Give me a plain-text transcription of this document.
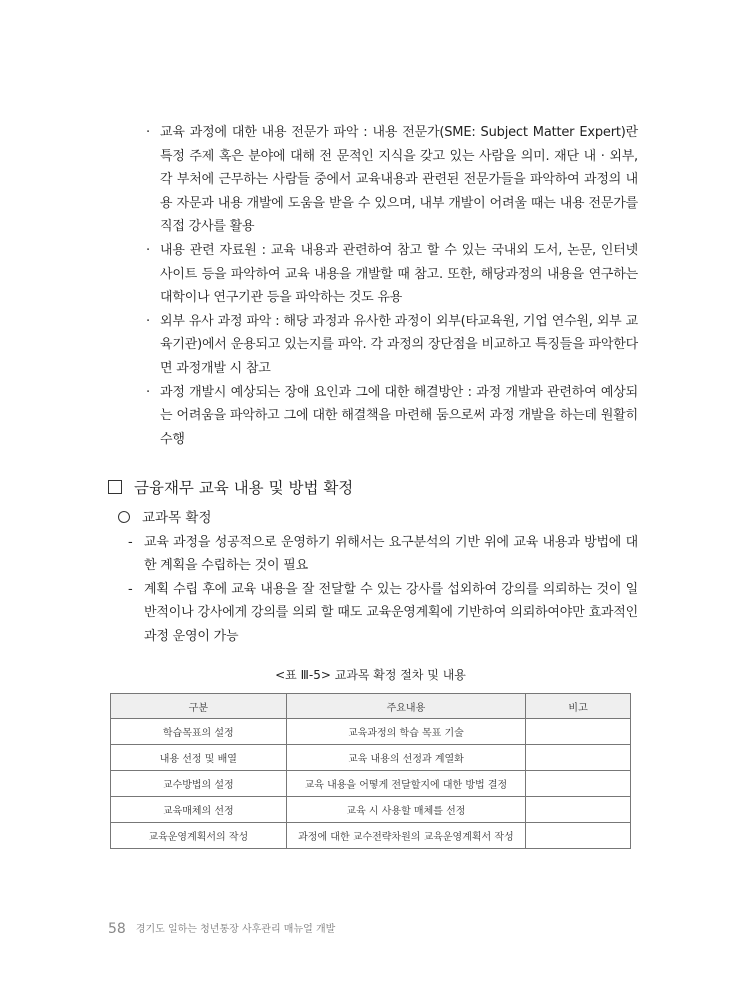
· 교육 과정에 대한 내용 전문가 파악 : 내용 전문가(SME: Subject Matter Expert)란 특정 주제 혹은 분야에 대해 전 문적인 지식을 갖고 있는 사람을 의미. 재단 내 · 외부, 각 부처에 근무하는 사람들 중에서 교육내용과 관련된 전문가들을 파악하여 과정의 내용 자문과 내용 개발에 도움을 받을 수 있으며, 내부 개발이 어려울 때는 내용 전문가를 직접 강사를 활용
· 내용 관련 자료원 : 교육 내용과 관련하여 참고 할 수 있는 국내외 도서, 논문, 인터넷 사이트 등을 파악하여 교육 내용을 개발할 때 참고. 또한, 해당과정의 내용을 연구하는 대학이나 연구기관 등을 파악하는 것도 유용
· 외부 유사 과정 파악 : 해당 과정과 유사한 과정이 외부(타교육원, 기업 연수원, 외부 교육기관)에서 운용되고 있는지를 파악. 각 과정의 장단점을 비교하고 특징들을 파악한다면 과정개발 시 참고
· 과정 개발시 예상되는 장애 요인과 그에 대한 해결방안 : 과정 개발과 관련하여 예상되는 어려움을 파악하고 그에 대한 해결책을 마련해 둠으로써 과정 개발을 하는데 원활히 수행
금융재무 교육 내용 및 방법 확정
교과목 확정
- 교육 과정을 성공적으로 운영하기 위해서는 요구분석의 기반 위에 교육 내용과 방법에 대한 계획을 수립하는 것이 필요
- 계획 수립 후에 교육 내용을 잘 전달할 수 있는 강사를 섭외하여 강의를 의뢰하는 것이 일반적이나 강사에게 강의를 의뢰 할 때도 교육운영계획에 기반하여 의뢰하여야만 효과적인 과정 운영이 가능
<표 Ⅲ-5> 교과목 확정 절차 및 내용
구분	주요내용	비고
학습목표의 설정	교육과정의 학습 목표 기술	
내용 선정 및 배열	교육 내용의 선정과 계열화	
교수방법의 설정	교육 내용을 어떻게 전달할지에 대한 방법 결정	
교육매체의 선정	교육 시 사용할 매체를 선정	
교육운영계획서의 작성	과정에 대한 교수전략차원의 교육운영계획서 작성	
58 경기도 일하는 청년통장 사후관리 매뉴얼 개발
